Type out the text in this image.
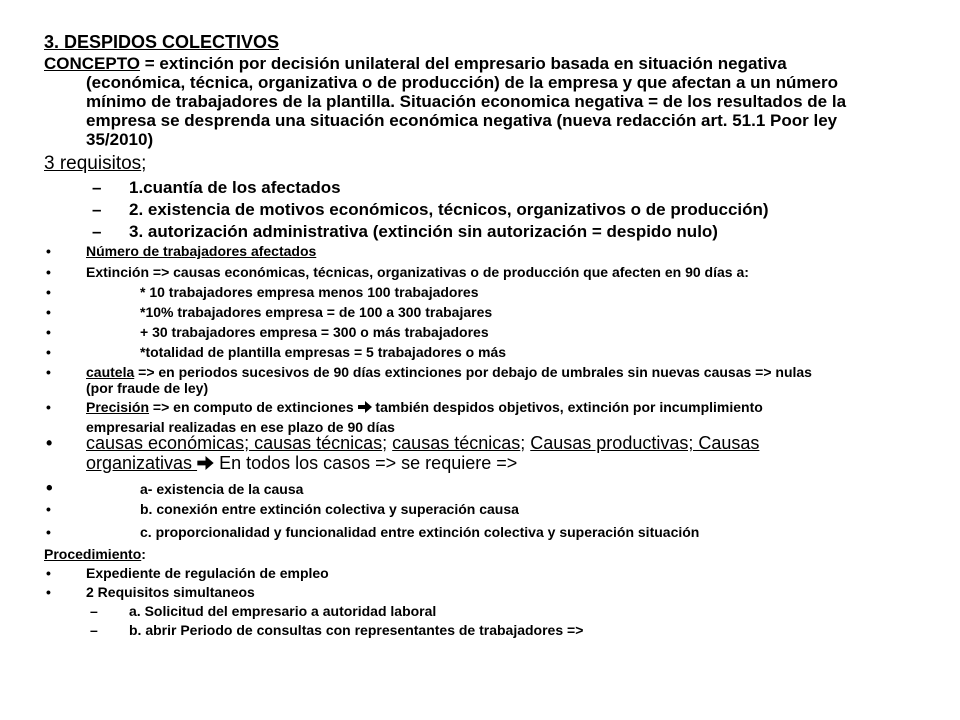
3. DESPIDOS COLECTIVOS
CONCEPTO = extinción por decisión unilateral del empresario basada en situación negativa
(económica, técnica, organizativa o de producción) de la empresa y que afectan a un número
mínimo de trabajadores de la plantilla. Situación economica negativa = de los resultados de la
empresa se desprenda una situación económica negativa (nueva redacción art. 51.1 Poor ley
35/2010)
3 requisitos;
– 1.cuantía de los afectados
– 2. existencia de motivos económicos, técnicos, organizativos o de producción)
– 3. autorización administrativa (extinción sin autorización = despido nulo)
•	Número de trabajadores afectados
•	Extinción => causas económicas, técnicas, organizativas o de producción que afecten en 90 días a:
•	* 10 trabajadores empresa menos 100 trabajadores
•	*10% trabajadores empresa = de 100 a 300 trabajares
•	+ 30 trabajadores empresa = 300 o más trabajadores
•	*totalidad de plantilla empresas = 5 trabajadores o más
•	cautela => en periodos sucesivos de 90 días extinciones por debajo de umbrales sin nuevas causas => nulas
(por fraude de ley)
•	Precisión => en computo de extinciones  también despidos objetivos, extinción por incumplimiento
empresarial realizadas en ese plazo de 90 días
• causas económicas; causas técnicas; causas técnicas; Causas productivas; Causas
organizativas  En todos los casos => se requiere =>
•	a- existencia de la causa
•	b. conexión entre extinción colectiva y superación causa
•	c. proporcionalidad y funcionalidad entre extinción colectiva y superación situación
Procedimiento:
•	Expediente de regulación de empleo
•	2 Requisitos simultaneos
– a. Solicitud del empresario a autoridad laboral
– b. abrir Periodo de consultas con representantes de trabajadores =>
